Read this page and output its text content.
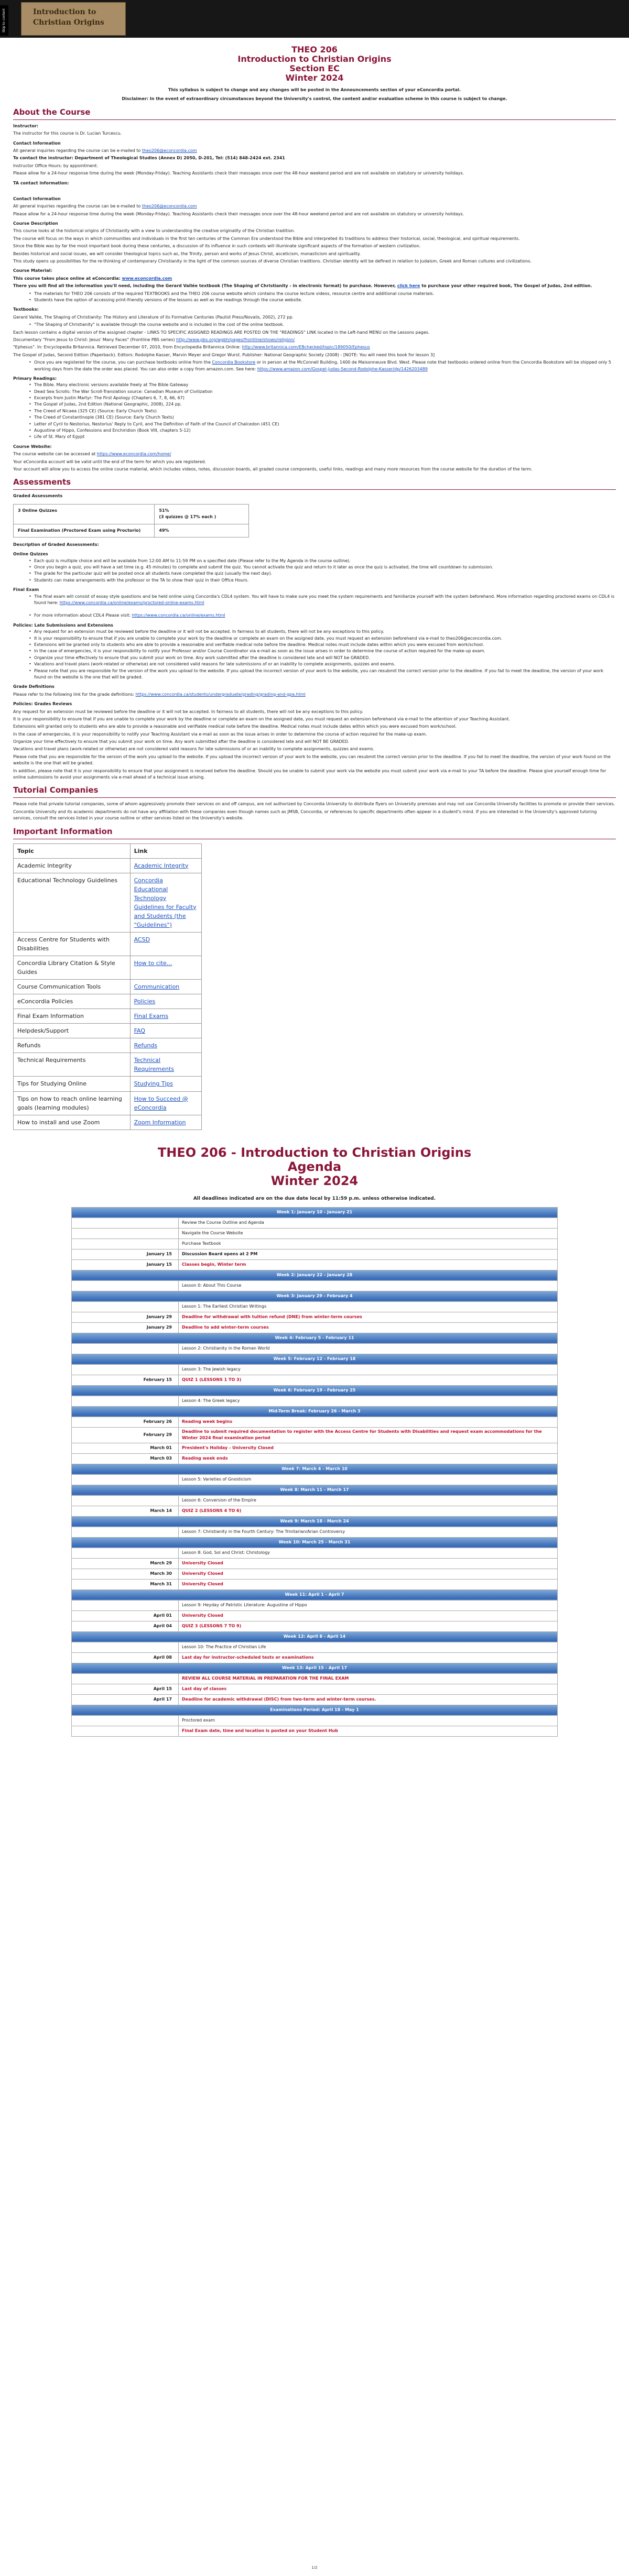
Skip to content	Introduction to
Christian Origins
THEO 206
Introduction to Christian Origins
Section EC
Winter 2024
This syllabus is subject to change and any changes will be posted in the Announcements section of your eConcordia portal.
Disclaimer: In the event of extraordinary circumstances beyond the University's control, the content and/or evaluation scheme in this course is subject to change.
About the Course
Instructor:

The instructor for this course is Dr. Lucian Turcescu.

Contact Information

All general inquiries regarding the course can be e-mailed to theo206@econcordia.com

To contact the instructor: Department of Theological Studies (Annex D) 2050, D-201, Tel: (514) 848-2424 ext. 2341

Instructor Office Hours: by appointment.

Please allow for a 24-hour response time during the week (Monday-Friday). Teaching Assistants check their messages once over the 48-hour weekend period and are not available on statutory or university holidays.

TA contact information:
Contact Information

All general inquiries regarding the course can be e-mailed to theo206@econcordia.com

Please allow for a 24-hour response time during the week (Monday-Friday). Teaching Assistants check their messages once over the 48-hour weekend period and are not available on statutory or university holidays.

Course Description

This course looks at the historical origins of Christianity with a view to understanding the creative originality of the Christian tradition.

The course will focus on the ways in which communities and individuals in the first ten centuries of the Common Era understood the Bible and interpreted its traditions to address their historical, social, theological, and spiritual requirements.

Since the Bible was by far the most important book during these centuries, a discussion of its influence in such contexts will illuminate significant aspects of the formation of western civilization.

Besides historical and social issues, we will consider theological topics such as, the Trinity, person and works of Jesus Christ, asceticism, monasticism and spirituality.

This study opens up possibilities for the re-thinking of contemporary Christianity in the light of the common sources of diverse Christian traditions. Christian identity will be defined in relation to Judaism, Greek and Roman cultures and civilizations.

Course Material:

This course takes place online at eConcordia: www.econcordia.com

There you will find all the information you'll need, including the Gerard Vallée textbook (The Shaping of Christianity - in electronic format) to purchase. However, click here to purchase your other required book, The Gospel of Judas, 2nd edition.

• The materials for THEO 206 consists of the required TEXTBOOKS and the THEO 206 course website which contains the course lecture videos, resource centre and additional course materials.
• Students have the option of accessing print-friendly versions of the lessons as well as the readings through the course website.
Textbooks:

Gerard Vallée, The Shaping of Christianity: The History and Literature of its Formative Centuries (Paulist Press/Novalis, 2002), 272 pp.

• "The Shaping of Christianity" is available through the course website and is included in the cost of the online textbook.

Each lesson contains a digital version of the assigned chapter - LINKS TO SPECIFIC ASSIGNED READINGS ARE POSTED ON THE "READINGS" LINK located in the Left-hand MENU on the Lessons pages.

Documentary "From Jesus to Christ: Jesus' Many Faces" (Frontline PBS series) http://www.pbs.org/wgbh/pages/frontline/shows/religion/

"Ephesus". In: Encyclopedia Britannica. Retrieved December 07, 2010, from Encyclopedia Britannica Online: http://www.britannica.com/EBchecked/topic/189050/Ephesus

The Gospel of Judas, Second Edition (Paperback). Editors: Rodolphe Kasser, Marvin Meyer and Gregor Wurst. Publisher: National Geographic Society (2008) - [NOTE: You will need this book for lesson 3]

• Once you are registered for the course, you can purchase textbooks online from the Concordia Bookstore or in person at the McConnell Building, 1400 de Maisonneuve Blvd. West. Please note that textbooks ordered online from the Concordia Bookstore will be shipped only 5 working days from the date the order was placed. You can also order a copy from amazon.com. See here: https://www.amazon.com/Gospel-Judas-Second-Rodolphe-Kasser/dp/1426203489
Primary Readings:
• The Bible. Many electronic versions available freely at The Bible Gateway
• Dead Sea Scrolls: The War Scroll-Translation source: Canadian Museum of Civilization
• Excerpts from Justin Martyr: The First Apology (Chapters 6, 7, 8, 66, 67)
• The Gospel of Judas, 2nd Edition (National Geographic, 2008), 224 pp.
• The Creed of Nicaea (325 CE) (Source: Early Church Texts)
• The Creed of Constantinople (381 CE) (Source: Early Church Texts)
• Letter of Cyril to Nestorius, Nestorius' Reply to Cyril, and The Definition of Faith of the Council of Chalcedon (451 CE)
• Augustine of Hippo, Confessions and Enchiridion (Book VIII, chapters 5-12)
• Life of St. Mary of Egypt
Course Website:

The course website can be accessed at https://www.econcordia.com/home/

Your eConcordia account will be valid until the end of the term for which you are registered.

Your account will allow you to access the online course material, which includes videos, notes, discussion boards, all graded course components, useful links, readings and many more resources from the course website for the duration of the term.

Assessments
Graded Assessments
3 Online Quizzes	51%
(3 quizzes @ 17% each )

Final Examination (Proctored Exam using Proctorio)	49%
Description of Graded Assessments:
Online Quizzes
• Each quiz is multiple choice and will be available from 12:00 AM to 11:59 PM on a specified date (Please refer to the My Agenda in the course outline).
• Once you begin a quiz, you will have a set time (e.g. 45 minutes) to complete and submit the quiz. You cannot activate the quiz and return to it later as once the quiz is activated, the time will countdown to submission.
• The grade for the particular quiz will be posted once all students have completed the quiz (usually the next day).
• Students can make arrangements with the professor or the TA to show their quiz in their Office Hours.
Final Exam
• The final exam will consist of essay style questions and be held online using Concordia's CDL4 system. You will have to make sure you meet the system requirements and familiarize yourself with the system beforehand. More information regarding proctored exams on CDL4 is found here: https://www.concordia.ca/online/exams/proctored-online-exams.html
• For more information about CDL4 Please visit: https://www.concordia.ca/online/exams.html
Policies: Late Submissions and Extensions
• Any request for an extension must be reviewed before the deadline or it will not be accepted. In fairness to all students, there will not be any exceptions to this policy.
• It is your responsibility to ensure that if you are unable to complete your work by the deadline or complete an exam on the assigned date, you must request an extension beforehand via e-mail to theo206@econcordia.com.
• Extensions will be granted only to students who are able to provide a reasonable and verifiable medical note before the deadline. Medical notes must include dates within which you were excused from work/school.
• In the case of emergencies, it is your responsibility to notify your Professor and/or Course Coordinator via e-mail as soon as the issue arises in order to determine the course of action required for the make-up exam.
• Organize your time effectively to ensure that you submit your work on time. Any work submitted after the deadline is considered late and will NOT be GRADED.
• Vacations and travel plans (work-related or otherwise) are not considered valid reasons for late submissions of or an inability to complete assignments, quizzes and exams.
• Please note that you are responsible for the version of the work you upload to the website. If you upload the incorrect version of your work to the website, you can resubmit the correct version prior to the deadline. If you fail to meet the deadline, the version of your work found on the website is the one that will be graded.
Grade Definitions

Please refer to the following link for the grade definitions: https://www.concordia.ca/students/undergraduate/grading/grading-and-gpa.html

Policies: Grades Reviews

Any request for an extension must be reviewed before the deadline or it will not be accepted. In fairness to all students, there will not be any exceptions to this policy.

It is your responsibility to ensure that if you are unable to complete your work by the deadline or complete an exam on the assigned date, you must request an extension beforehand via e-mail to the attention of your Teaching Assistant.

Extensions will granted only to students who are able to provide a reasonable and verifiable medical note before the deadline. Medical notes must include dates within which you were excused from work/school.

In the case of emergencies, it is your responsibility to notify your Teaching Assistant via e-mail as soon as the issue arises in order to determine the course of action required for the make-up exam.

Organize your time effectively to ensure that you submit your work on time. Any work submitted after the deadline is considered late and will NOT BE GRADED.

Vacations and travel plans (work-related or otherwise) are not considered valid reasons for late submissions of or an inability to complete assignments, quizzes and exams.

Please note that you are responsible for the version of the work you upload to the website. If you upload the incorrect version of your work to the website, you can resubmit the correct version prior to the deadline. If you fail to meet the deadline, the version of your work found on the website is the one that will be graded.

In addition, please note that it is your responsibility to ensure that your assignment is received before the deadline. Should you be unable to submit your work via the website you must submit your work via e-mail to your TA before the deadline. Please give yourself enough time for online submissions to avoid your assignments via e-mail ahead of a technical issue arising.

Tutorial Companies

Please note that private tutorial companies, some of whom aggressively promote their services on and off campus, are not authorized by Concordia University to distribute flyers on University premises and may not use Concordia University facilities to promote or provide their services.

Concordia University and its academic departments do not have any affiliation with these companies even though names such as JMSB, Concordia, or references to specific departments often appear in a student's mind. If you are interested in the University's approved tutoring services, consult the services listed in your course outline or other services listed on the University's website.

Important Information
Topic	Link
Academic Integrity	Academic Integrity
Educational Technology Guidelines	Concordia Educational Technology Guidelines for Faculty and Students (the "Guidelines")
Access Centre for Students with Disabilities	ACSD
Concordia Library Citation & Style Guides	How to cite...
Course Communication Tools	Communication
eConcordia Policies	Policies
Final Exam Information	Final Exams
Helpdesk/Support	FAQ
Refunds	Refunds
Technical Requirements	Technical Requirements
Tips for Studying Online	Studying Tips
Tips on how to reach online learning goals (learning modules)	How to Succeed @ eConcordia
How to install and use Zoom	Zoom Information
THEO 206 - Introduction to Christian Origins
Agenda
Winter 2024
All deadlines indicated are on the due date local by 11:59 p.m. unless otherwise indicated.
Week 1: January 10 - January 21	
	Review the Course Outline and Agenda
	Navigate the Course Website
	Purchase Textbook
January 15	Discussion Board opens at 2 PM
January 15	Classes begin, Winter term
Week 2: January 22 - January 28	
	Lesson 0: About This Course
Week 3: January 29 - February 4	
	Lesson 1: The Earliest Christian Writings
January 29	Deadline for withdrawal with tuition refund (DNE) from winter-term courses
January 29	Deadline to add winter-term courses
Week 4: February 5 - February 11	
	Lesson 2: Christianity in the Roman World
Week 5: February 12 - February 18	
	Lesson 3: The Jewish legacy
February 15	QUIZ 1 (LESSONS 1 TO 3)
Week 6: February 19 - February 25	
	Lesson 4: The Greek legacy
Mid-Term Break: February 26 - March 3	
February 26	Reading week begins
February 29	Deadline to submit required documentation to register with the Access Centre for Students with Disabilities and request exam accommodations for the Winter 2024 final examination period
March 01	President's Holiday - University Closed
March 03	Reading week ends
Week 7: March 4 - March 10	
	Lesson 5: Varieties of Gnosticism
Week 8: March 11 - March 17	
	Lesson 6: Conversion of the Empire
March 14	QUIZ 2 (LESSONS 4 TO 6)
Week 9: March 18 - March 24	
	Lesson 7: Christianity in the Fourth Century: The Trinitarian/Arian Controversy
Week 10: March 25 - March 31	
	Lesson 8: God, Sol and Christ: Christology
March 29	University Closed
March 30	University Closed
March 31	University Closed
Week 11: April 1 - April 7	
	Lesson 9: Heyday of Patristic Literature: Augustine of Hippo
April 01	University Closed
April 04	QUIZ 3 (LESSONS 7 TO 9)
Week 12: April 8 - April 14	
	Lesson 10: The Practice of Christian Life
April 08	Last day for instructor-scheduled tests or examinations
Week 13: April 15 - April 17	
	REVIEW ALL COURSE MATERIAL IN PREPARATION FOR THE FINAL EXAM
April 15	Last day of classes
April 17	Deadline for academic withdrawal (DISC) from two-term and winter-term courses.
Examinations Period: April 18 - May 1	
	Proctored exam
	Final Exam date, time and location is posted on your Student Hub
1/2
